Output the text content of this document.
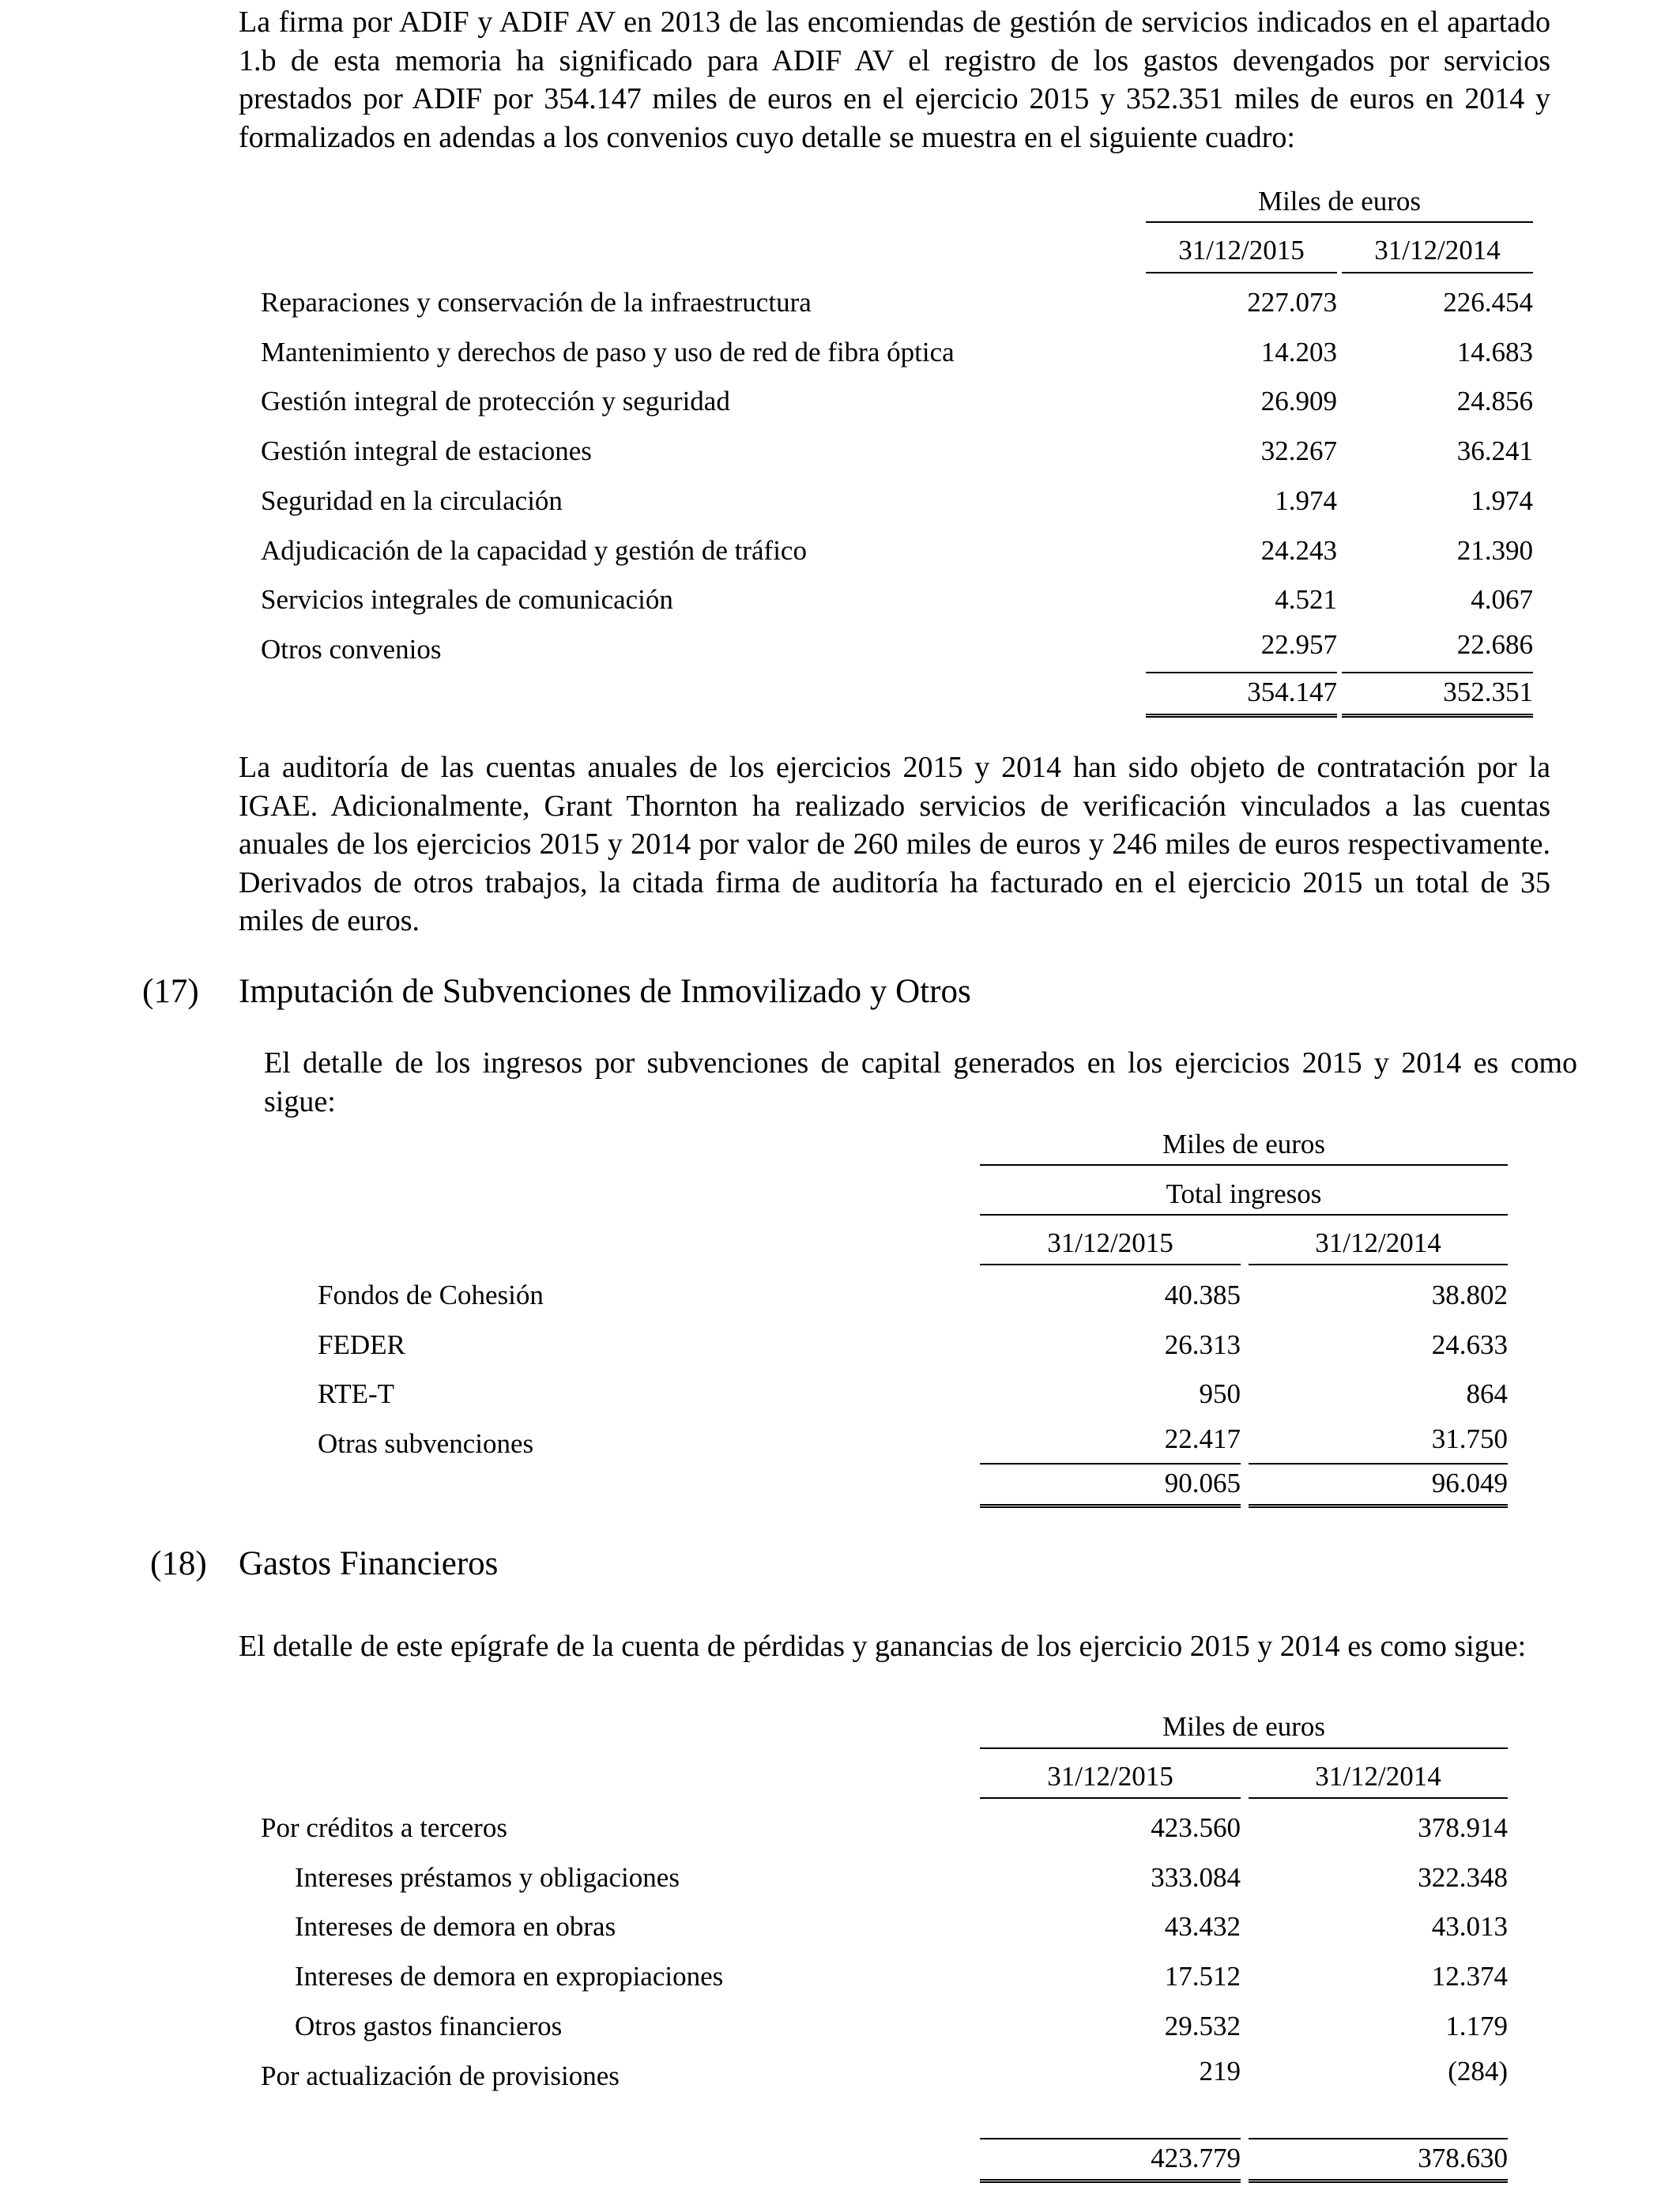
La firma por ADIF y ADIF AV en 2013 de las encomiendas de gestión de servicios indicados en el apartado 1.b de esta memoria ha significado para ADIF AV el registro de los gastos devengados por servicios prestados por ADIF por 354.147 miles de euros en el ejercicio 2015 y 352.351 miles de euros en 2014 y formalizados en adendas a los convenios cuyo detalle se muestra en el siguiente cuadro:

Miles de euros
31/12/2015	31/12/2014
Reparaciones y conservación de la infraestructura	227.073	226.454
Mantenimiento y derechos de paso y uso de red de fibra óptica	14.203	14.683
Gestión integral de protección y seguridad	26.909	24.856
Gestión integral de estaciones	32.267	36.241
Seguridad en la circulación	1.974	1.974
Adjudicación de la capacidad y gestión de tráfico	24.243	21.390
Servicios integrales de comunicación	4.521	4.067
Otros convenios	22.957	22.686
354.147	352.351

La auditoría de las cuentas anuales de los ejercicios 2015 y 2014 han sido objeto de contratación por la IGAE. Adicionalmente, Grant Thornton ha realizado servicios de verificación vinculados a las cuentas anuales de los ejercicios 2015 y 2014 por valor de 260 miles de euros y 246 miles de euros respectivamente. Derivados de otros trabajos, la citada firma de auditoría ha facturado en el ejercicio 2015 un total de 35 miles de euros.

(17) Imputación de Subvenciones de Inmovilizado y Otros

El detalle de los ingresos por subvenciones de capital generados en los ejercicios 2015 y 2014 es como sigue:

Miles de euros
Total ingresos
31/12/2015	31/12/2014
Fondos de Cohesión	40.385	38.802
FEDER	26.313	24.633
RTE-T	950	864
Otras subvenciones	22.417	31.750
90.065	96.049
(18) Gastos Financieros

El detalle de este epígrafe de la cuenta de pérdidas y ganancias de los ejercicio 2015 y 2014 es como sigue:

Miles de euros
31/12/2015	31/12/2014
Por créditos a terceros	423.560	378.914
Intereses préstamos y obligaciones	333.084	322.348
Intereses de demora en obras	43.432	43.013
Intereses de demora en expropiaciones	17.512	12.374
Otros gastos financieros	29.532	1.179
Por actualización de provisiones	219	(284)
423.779	378.630
